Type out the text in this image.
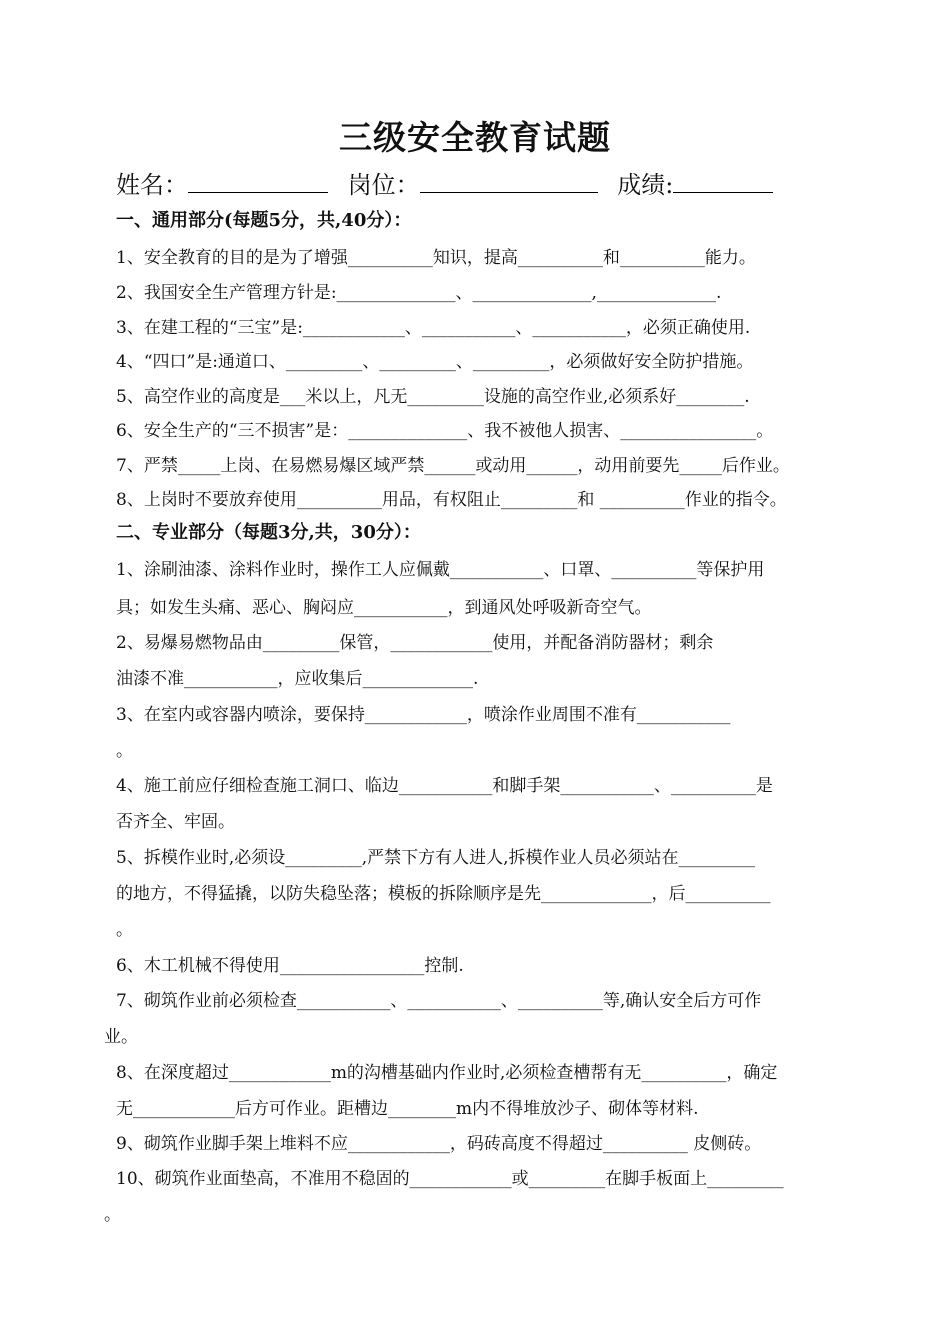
三级安全教育试题
姓名：	岗位：	成绩:
一、通用部分(每题5分，共,40分）：
1、安全教育的目的是为了增强__________知识，提高__________和__________能力。
2、我国安全生产管理方针是:______________、______________,______________.
3、在建工程的“三宝”是:____________、___________、___________，必须正确使用.
4、“四口”是:通道口、_________、_________、_________，必须做好安全防护措施。
5、高空作业的高度是___米以上，凡无_________设施的高空作业,必须系好________.
6、安全生产的“三不损害”是：______________、我不被他人损害、________________。
7、严禁_____上岗、在易燃易爆区域严禁______或动用______，动用前要先_____后作业。
8、上岗时不要放弃使用__________用品，有权阻止_________和 __________作业的指令。
二、专业部分（每题3分,共，30分）：
1、涂刷油漆、涂料作业时，操作工人应佩戴___________、口罩、__________等保护用
具；如发生头痛、恶心、胸闷应___________，到通风处呼吸新奇空气。
2、易爆易燃物品由_________保管，____________使用，并配备消防器材；剩余
油漆不准___________，应收集后_____________.
3、在室内或容器内喷涂，要保持____________，喷涂作业周围不准有___________
。
4、施工前应仔细检查施工洞口、临边___________和脚手架___________、__________是
否齐全、牢固。
5、拆模作业时,必须设_________,严禁下方有人进人,拆模作业人员必须站在_________
的地方，不得猛撬，以防失稳坠落；模板的拆除顺序是先_____________，后__________
。
6、木工机械不得使用_________________控制.
7、砌筑作业前必须检查___________、___________、__________等,确认安全后方可作
业。
8、在深度超过____________m的沟槽基础内作业时,必须检查槽帮有无__________，确定
无____________后方可作业。距槽边________m内不得堆放沙子、砌体等材料.
9、砌筑作业脚手架上堆料不应____________，码砖高度不得超过__________ 皮侧砖。
10、砌筑作业面垫高，不准用不稳固的____________或_________在脚手板面上_________
。
